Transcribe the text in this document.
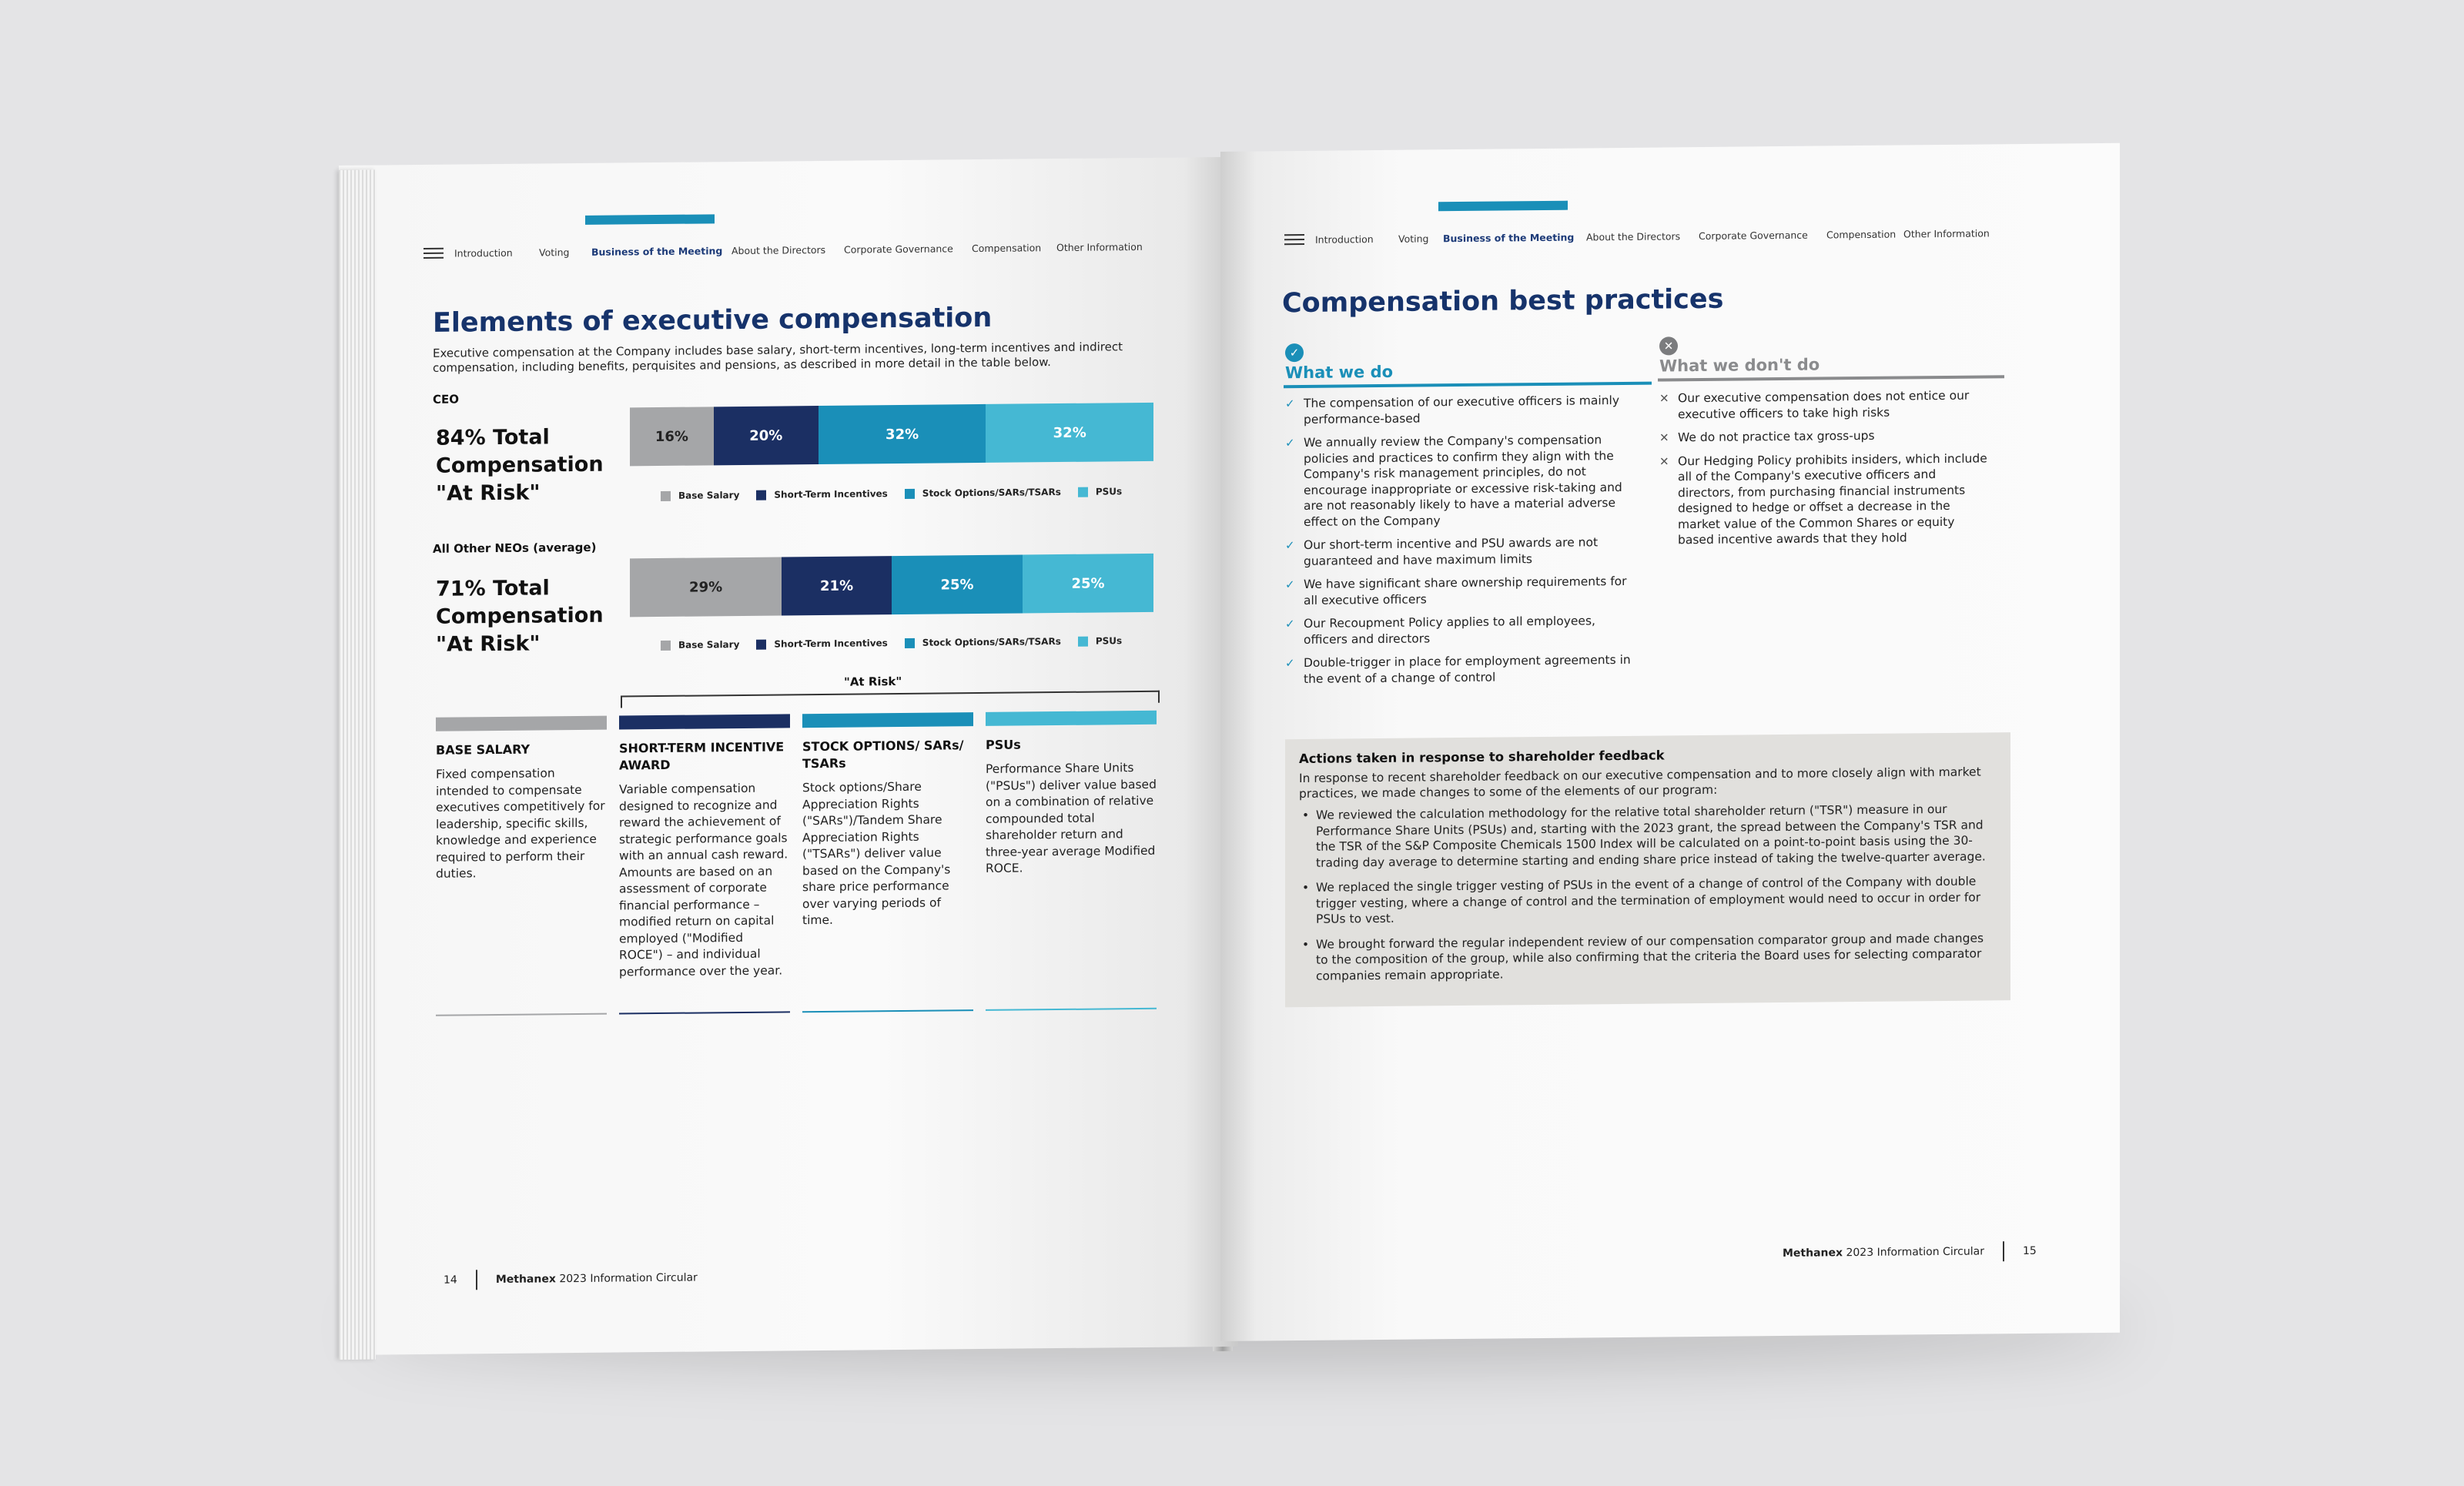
Introduction	Voting Business of the Meeting About the Directors Corporate Governance Compensation Other Information
Elements of executive compensation

Executive compensation at the Company includes base salary, short-term incentives, long-term incentives and indirect compensation, including benefits, perquisites and pensions, as described in more detail in the table below.

CEO
84% Total Compensation "At Risk"
16%	20%	32%	32%
Base Salary	Short-Term Incentives	Stock Options/SARs/TSARs	PSUs
All Other NEOs (average)
71% Total Compensation "At Risk"
29%	21%	25%	25%
Base Salary	Short-Term Incentives	Stock Options/SARs/TSARs	PSUs
"At Risk"
BASE SALARY
Fixed compensation intended to compensate executives competitively for leadership, specific skills, knowledge and experience required to perform their duties.
SHORT-TERM INCENTIVE AWARD
Variable compensation designed to recognize and reward the achievement of strategic performance goals with an annual cash reward. Amounts are based on an assessment of corporate financial performance – modified return on capital employed ("Modified ROCE") – and individual performance over the year.
STOCK OPTIONS/ SARs/ TSARs
Stock options/Share Appreciation Rights ("SARs")/Tandem Share Appreciation Rights ("TSARs") deliver value based on the Company's share price performance over varying periods of time.
PSUs
Performance Share Units ("PSUs") deliver value based on a combination of relative compounded total shareholder return and three-year average Modified ROCE.
14	Methanex 2023 Information Circular
Introduction	Voting Business of the Meeting About the Directors Corporate Governance Compensation Other Information
Compensation best practices
✓
What we do
✓ The compensation of our executive officers is mainly performance-based
✓ We annually review the Company's compensation policies and practices to confirm they align with the Company's risk management principles, do not encourage inappropriate or excessive risk-taking and are not reasonably likely to have a material adverse effect on the Company
✓ Our short-term incentive and PSU awards are not guaranteed and have maximum limits
✓ We have significant share ownership requirements for all executive officers
✓ Our Recoupment Policy applies to all employees, officers and directors
✓ Double-trigger in place for employment agreements in the event of a change of control
✕
What we don't do
✕ Our executive compensation does not entice our executive officers to take high risks
✕ We do not practice tax gross-ups
✕ Our Hedging Policy prohibits insiders, which include all of the Company's executive officers and directors, from purchasing financial instruments designed to hedge or offset a decrease in the market value of the Common Shares or equity based incentive awards that they hold
Actions taken in response to shareholder feedback
In response to recent shareholder feedback on our executive compensation and to more closely align with market practices, we made changes to some of the elements of our program:
• We reviewed the calculation methodology for the relative total shareholder return ("TSR") measure in our Performance Share Units (PSUs) and, starting with the 2023 grant, the spread between the Company's TSR and the TSR of the S&P Composite Chemicals 1500 Index will be calculated on a point-to-point basis using the 30-trading day average to determine starting and ending share price instead of taking the twelve-quarter average.
• We replaced the single trigger vesting of PSUs in the event of a change of control of the Company with double trigger vesting, where a change of control and the termination of employment would need to occur in order for PSUs to vest.
• We brought forward the regular independent review of our compensation comparator group and made changes to the composition of the group, while also confirming that the criteria the Board uses for selecting comparator companies remain appropriate.
Methanex 2023 Information Circular	15
